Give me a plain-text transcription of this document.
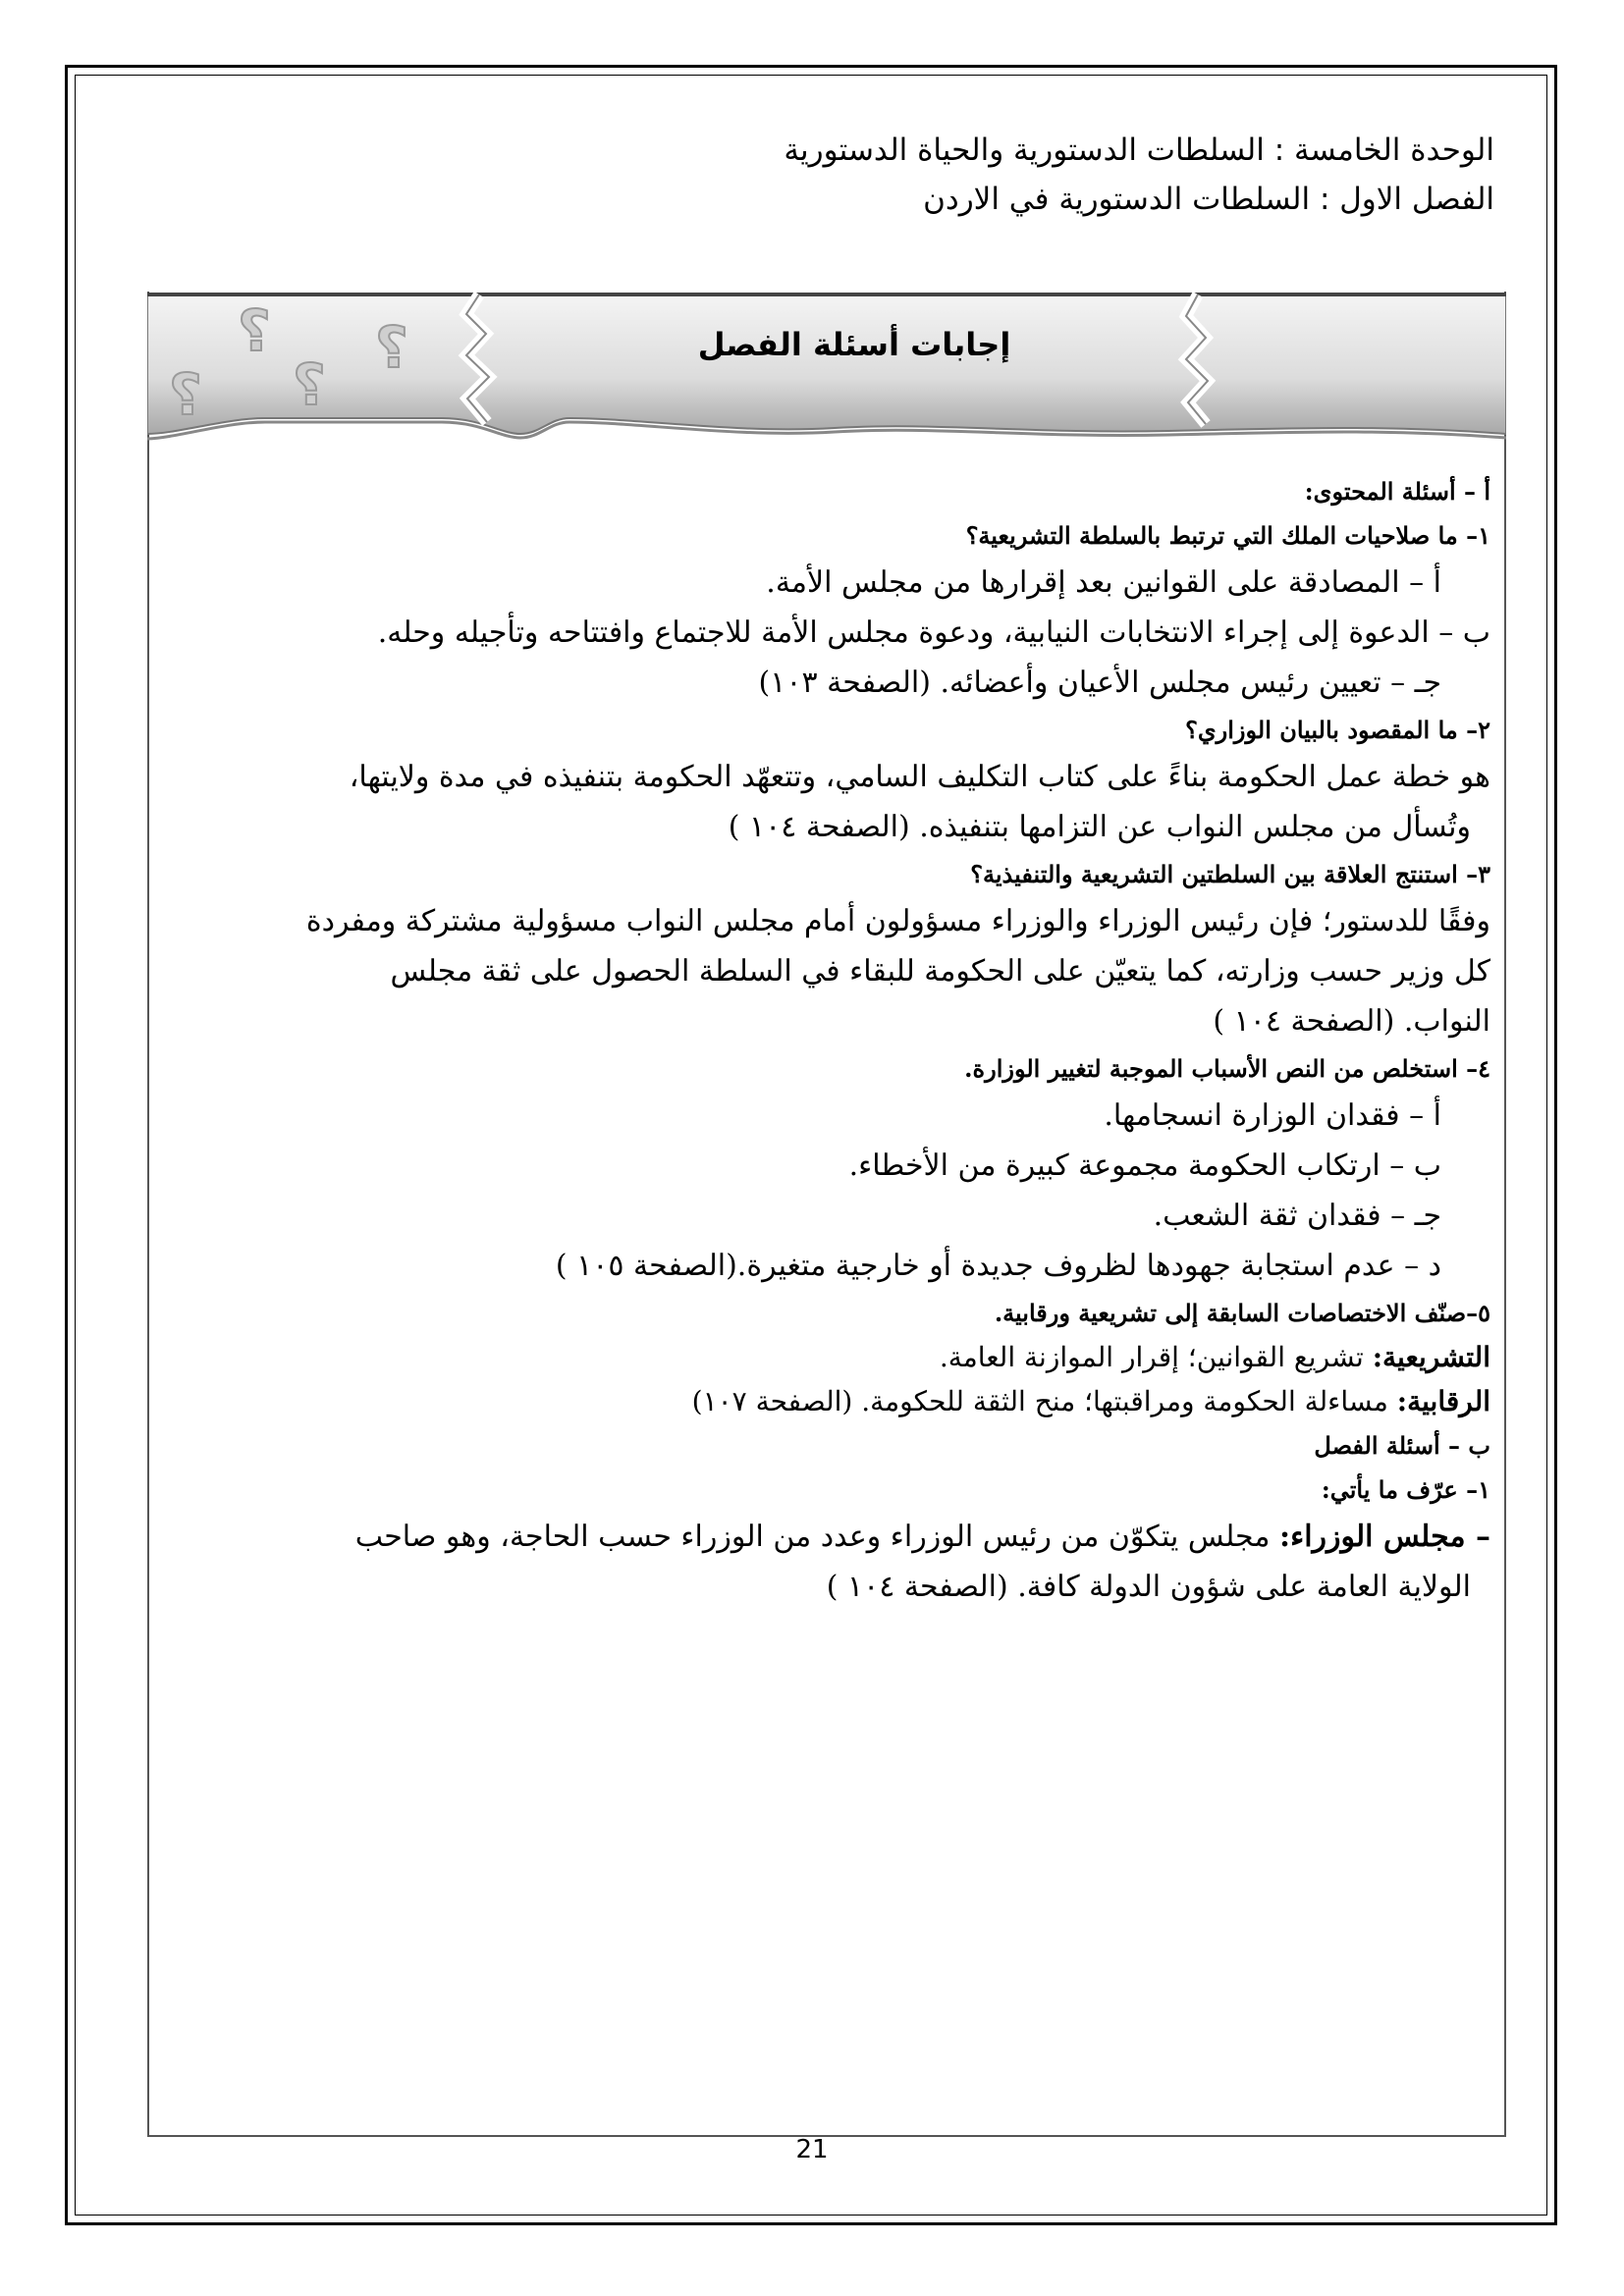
الوحدة الخامسة : السلطات الدستورية والحياة الدستورية
الفصل الاول : السلطات الدستورية في الاردن
؟
؟
؟
؟	إجابات أسئلة الفصل
أ – أسئلة المحتوى:
١– ما صلاحيات الملك التي ترتبط بالسلطة التشريعية؟
أ – المصادقة على القوانين بعد إقرارها من مجلس الأمة.
ب – الدعوة إلى إجراء الانتخابات النيابية، ودعوة مجلس الأمة للاجتماع وافتتاحه وتأجيله وحله.
جـ – تعيين رئيس مجلس الأعيان وأعضائه. (الصفحة ١٠٣)
٢– ما المقصود بالبيان الوزاري؟
هو خطة عمل الحكومة بناءً على كتاب التكليف السامي، وتتعهّد الحكومة بتنفيذه في مدة ولايتها،
وتُسأل من مجلس النواب عن التزامها بتنفيذه. (الصفحة ١٠٤ )
٣– استنتج العلاقة بين السلطتين التشريعية والتنفيذية؟
وفقًا للدستور؛ فإن رئيس الوزراء والوزراء مسؤولون أمام مجلس النواب مسؤولية مشتركة ومفردة
كل وزير حسب وزارته، كما يتعيّن على الحكومة للبقاء في السلطة الحصول على ثقة مجلس
النواب. (الصفحة ١٠٤ )
٤– استخلص من النص الأسباب الموجبة لتغيير الوزارة.
أ – فقدان الوزارة انسجامها.
ب – ارتكاب الحكومة مجموعة كبيرة من الأخطاء.
جـ – فقدان ثقة الشعب.
د – عدم استجابة جهودها لظروف جديدة أو خارجية متغيرة.(الصفحة ١٠٥ )
٥–صنّف الاختصاصات السابقة إلى تشريعية ورقابية.
التشريعية: تشريع القوانين؛ إقرار الموازنة العامة.
الرقابية: مساءلة الحكومة ومراقبتها؛ منح الثقة للحكومة. (الصفحة ١٠٧)
ب – أسئلة الفصل
١– عرّف ما يأتي:
– مجلس الوزراء: مجلس يتكوّن من رئيس الوزراء وعدد من الوزراء حسب الحاجة، وهو صاحب
الولاية العامة على شؤون الدولة كافة. (الصفحة ١٠٤ )
21
